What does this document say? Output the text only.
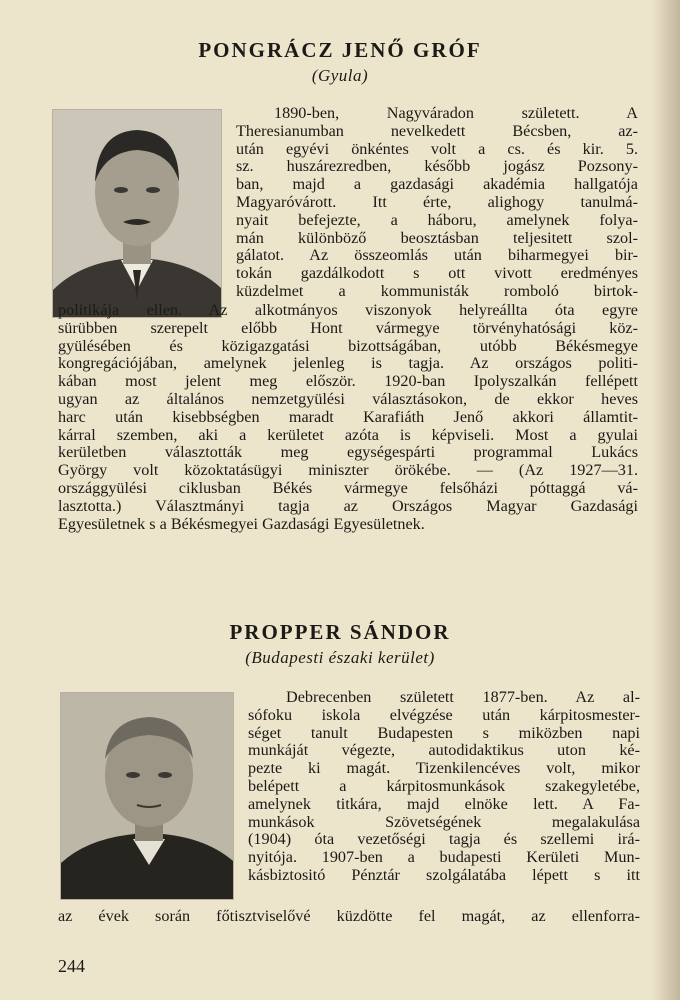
PONGRÁCZ JENŐ GRÓF
(Gyula)
1890-ben, Nagyváradon született. A
Theresianumban nevelkedett Bécsben, az-
után egyévi önkéntes volt a cs. és kir. 5.
sz. huszárezredben, később jogász Pozsony-
ban, majd a gazdasági akadémia hallgatója
Magyaróvárott. Itt érte, alighogy tanulmá-
nyait befejezte, a háboru, amelynek folya-
mán különböző beosztásban teljesitett szol-
gálatot. Az összeomlás után biharmegyei bir-
tokán gazdálkodott s ott vivott eredményes
küzdelmet a kommunisták romboló birtok-
politikája ellen. Az alkotmányos viszonyok helyreállta óta egyre
sürübben szerepelt előbb Hont vármegye törvényhatósági köz-
gyülésében és közigazgatási bizottságában, utóbb Békésmegye
kongregációjában, amelynek jelenleg is tagja. Az országos politi-
kában most jelent meg először. 1920-ban Ipolyszalkán fellépett
ugyan az általános nemzetgyülési választásokon, de ekkor heves
harc után kisebbségben maradt Karafiáth Jenő akkori államtit-
kárral szemben, aki a kerületet azóta is képviseli. Most a gyulai
kerületben választották meg egységespárti programmal Lukács
György volt közoktatásügyi miniszter örökébe. — (Az 1927—31.
országgyülési ciklusban Békés vármegye felsőházi póttaggá vá-
lasztotta.) Választmányi tagja az Országos Magyar Gazdasági
Egyesületnek s a Békésmegyei Gazdasági Egyesületnek.
PROPPER SÁNDOR
(Budapesti északi kerület)
Debrecenben született 1877-ben. Az al-
sófoku iskola elvégzése után kárpitosmester-
séget tanult Budapesten s miközben napi
munkáját végezte, autodidaktikus uton ké-
pezte ki magát. Tizenkilencéves volt, mikor
belépett a kárpitosmunkások szakegyletébe,
amelynek titkára, majd elnöke lett. A Fa-
munkások Szövetségének megalakulása
(1904) óta vezetőségi tagja és szellemi irá-
nyitója. 1907-ben a budapesti Kerületi Mun-
kásbiztositó Pénztár szolgálatába lépett s itt
az évek során főtisztviselővé küzdötte fel magát, az ellenforra-
244
